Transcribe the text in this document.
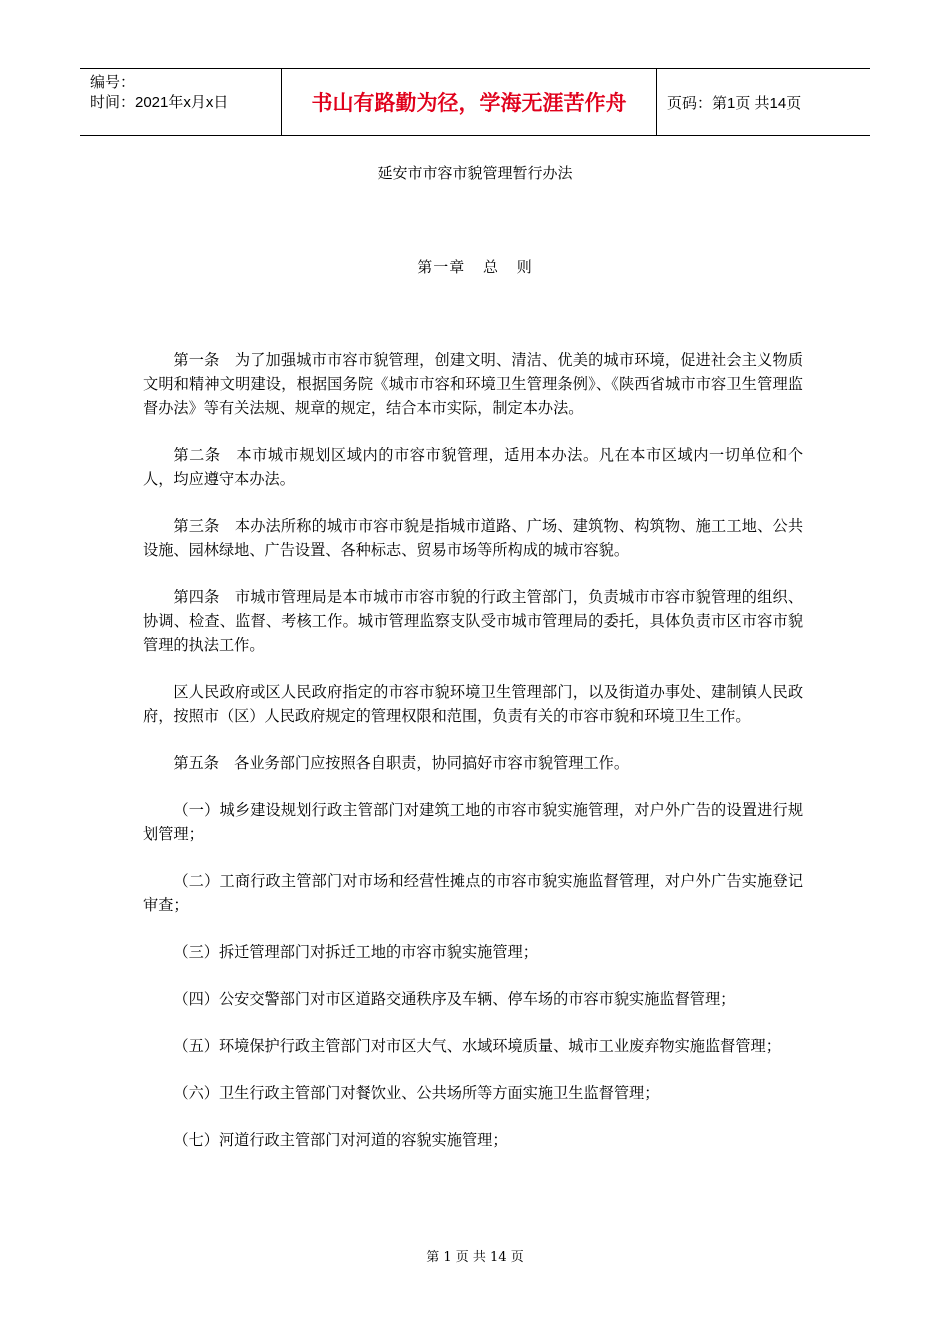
编号：
时间：2021年x月x日	书山有路勤为径，学海无涯苦作舟	页码：第1页 共14页
延安市市容市貌管理暂行办法
第一章 总 则

第一条　为了加强城市市容市貌管理，创建文明、清洁、优美的城市环境，促进社会主义物质文明和精神文明建设，根据国务院《城市市容和环境卫生管理条例》、《陕西省城市市容卫生管理监督办法》等有关法规、规章的规定，结合本市实际，制定本办法。

第二条　本市城市规划区域内的市容市貌管理，适用本办法。凡在本市区域内一切单位和个人，均应遵守本办法。

第三条　本办法所称的城市市容市貌是指城市道路、广场、建筑物、构筑物、施工工地、公共设施、园林绿地、广告设置、各种标志、贸易市场等所构成的城市容貌。

第四条　市城市管理局是本市城市市容市貌的行政主管部门，负责城市市容市貌管理的组织、协调、检查、监督、考核工作。城市管理监察支队受市城市管理局的委托，具体负责市区市容市貌管理的执法工作。

区人民政府或区人民政府指定的市容市貌环境卫生管理部门，以及街道办事处、建制镇人民政府，按照市（区）人民政府规定的管理权限和范围，负责有关的市容市貌和环境卫生工作。

第五条　各业务部门应按照各自职责，协同搞好市容市貌管理工作。

（一）城乡建设规划行政主管部门对建筑工地的市容市貌实施管理，对户外广告的设置进行规划管理；

（二）工商行政主管部门对市场和经营性摊点的市容市貌实施监督管理，对户外广告实施登记审查；

（三）拆迁管理部门对拆迁工地的市容市貌实施管理；

（四）公安交警部门对市区道路交通秩序及车辆、停车场的市容市貌实施监督管理；

（五）环境保护行政主管部门对市区大气、水域环境质量、城市工业废弃物实施监督管理；

（六）卫生行政主管部门对餐饮业、公共场所等方面实施卫生监督管理；

（七）河道行政主管部门对河道的容貌实施管理；

第 1 页 共 14 页
